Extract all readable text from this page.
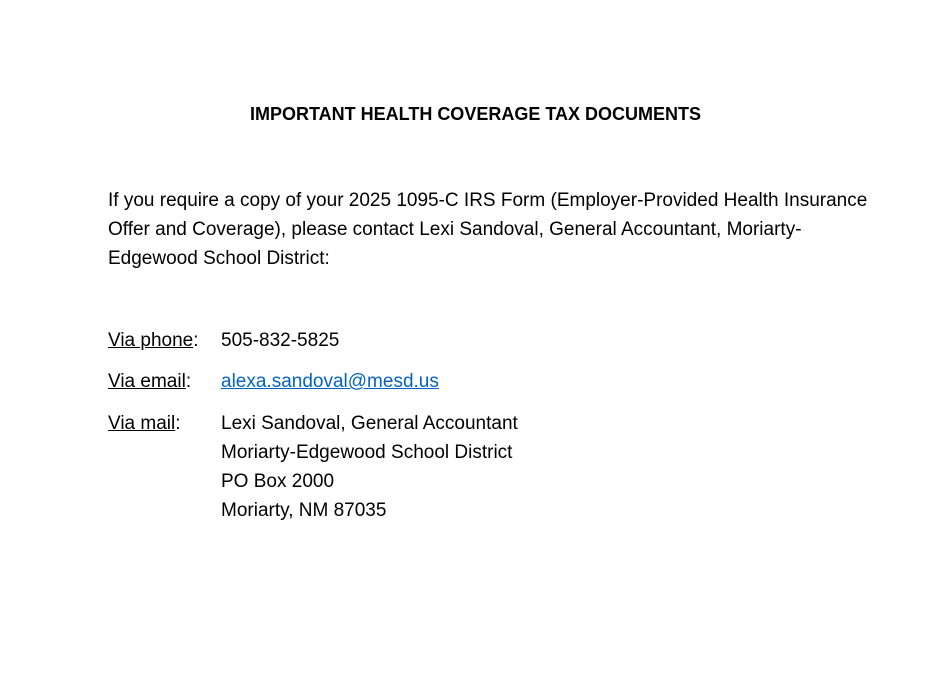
IMPORTANT HEALTH COVERAGE TAX DOCUMENTS
If you require a copy of your 2025 1095-C IRS Form (Employer-Provided Health Insurance Offer and Coverage), please contact Lexi Sandoval, General Accountant, Moriarty-Edgewood School District:
Via phone: 505-832-5825
Via email: alexa.sandoval@mesd.us
Via mail: Lexi Sandoval, General Accountant
Moriarty-Edgewood School District
PO Box 2000
Moriarty, NM 87035
